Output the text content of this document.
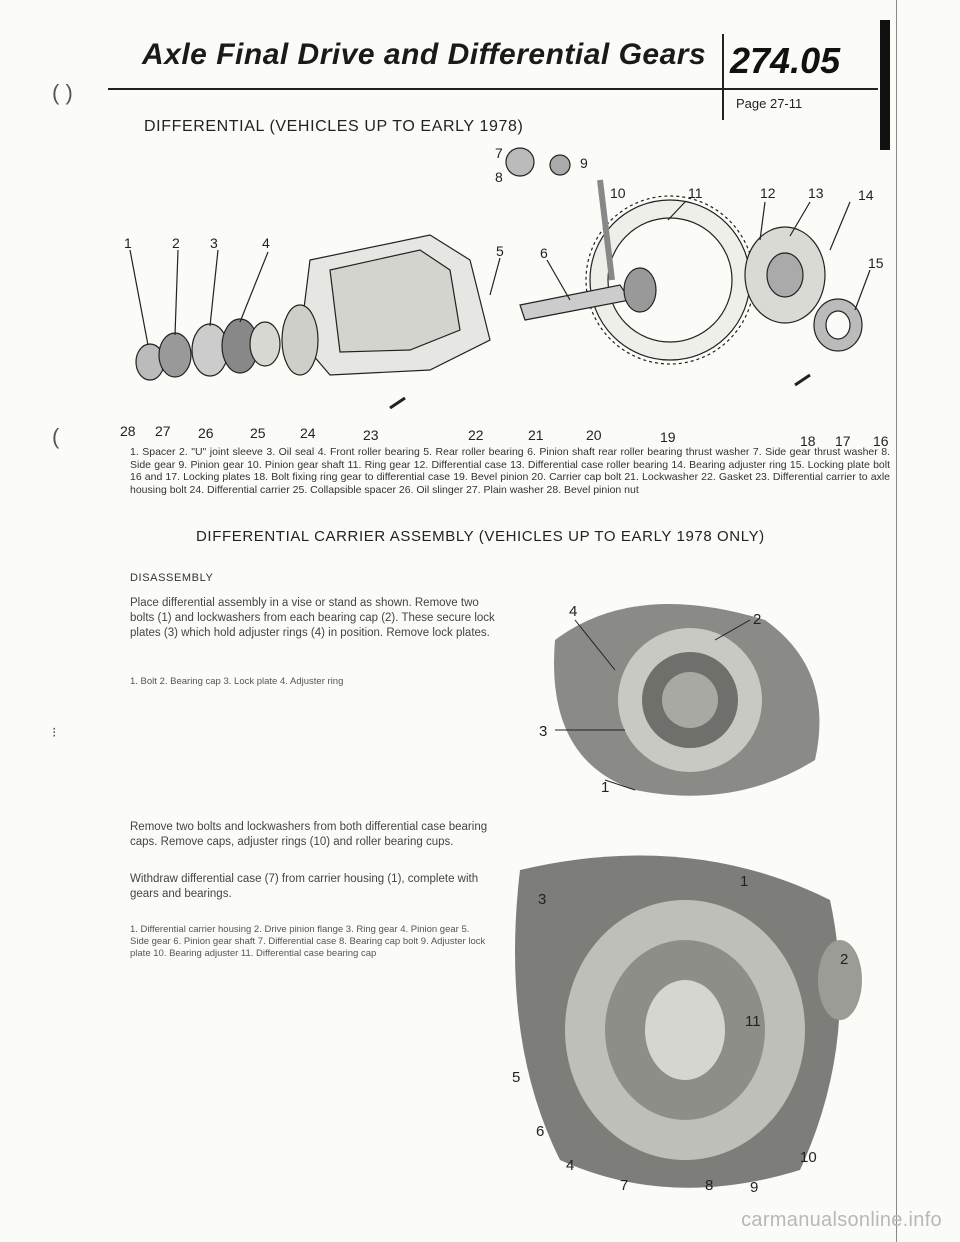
Axle Final Drive and Differential Gears 274.05
Page 27-11
( )
(
⁝
DIFFERENTIAL (VEHICLES UP TO EARLY 1978)
1	2 3	4	5	6
7
8
9
10	11	12 13 14
15
16
17
18
19
20
21
22
23
24
25
26
27
28
1. Spacer 2. "U" joint sleeve 3. Oil seal 4. Front roller bearing 5. Rear roller bearing 6. Pinion shaft rear roller bearing thrust washer 7. Side gear thrust washer 8. Side gear 9. Pinion gear 10. Pinion gear shaft 11. Ring gear 12. Differential case 13. Differential case roller bearing 14. Bearing adjuster ring 15. Locking plate bolt 16 and 17. Locking plates 18. Bolt fixing ring gear to differential case 19. Bevel pinion 20. Carrier cap bolt 21. Lockwasher 22. Gasket 23. Differential carrier to axle housing bolt 24. Differential carrier 25. Collapsible spacer 26. Oil slinger 27. Plain washer 28. Bevel pinion nut
DIFFERENTIAL CARRIER ASSEMBLY (VEHICLES UP TO EARLY 1978 ONLY)
DISASSEMBLY
Place differential assembly in a vise or stand as shown. Remove two bolts (1) and lockwashers from each bearing cap (2). These secure lock plates (3) which hold adjuster rings (4) in position. Remove lock plates.
1. Bolt 2. Bearing cap 3. Lock plate 4. Adjuster ring
Remove two bolts and lockwashers from both differential case bearing caps. Remove caps, adjuster rings (10) and roller bearing cups.
Withdraw differential case (7) from carrier housing (1), complete with gears and bearings.
1. Differential carrier housing 2. Drive pinion flange 3. Ring gear 4. Pinion gear 5. Side gear 6. Pinion gear shaft 7. Differential case 8. Bearing cap bolt 9. Adjuster lock plate 10. Bearing adjuster 11. Differential case bearing cap
4	2
3
1
1
2
3
5
6
4
7	8 9
10
11
carmanualsonline.info
